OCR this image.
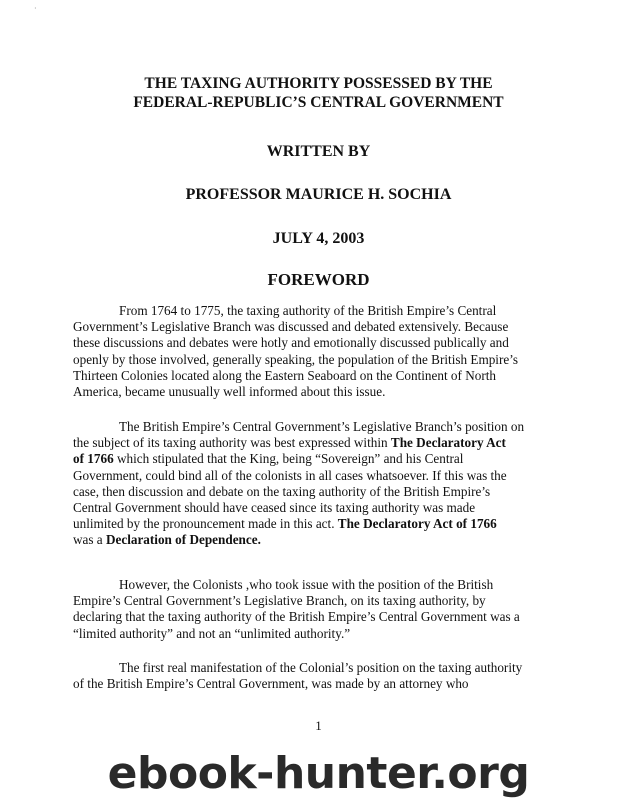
·
THE TAXING AUTHORITY POSSESSED BY THE
FEDERAL-REPUBLIC’S CENTRAL GOVERNMENT
WRITTEN BY
PROFESSOR MAURICE H. SOCHIA
JULY 4, 2003
FOREWORD

From 1764 to 1775, the taxing authority of the British Empire’s Central
Government’s Legislative Branch was discussed and debated extensively. Because
these discussions and debates were hotly and emotionally discussed publically and
openly by those involved, generally speaking, the population of the British Empire’s
Thirteen Colonies located along the Eastern Seaboard on the Continent of North
America, became unusually well informed about this issue.

The British Empire’s Central Government’s Legislative Branch’s position on
the subject of its taxing authority was best expressed within The Declaratory Act
of 1766 which stipulated that the King, being “Sovereign” and his Central
Government, could bind all of the colonists in all cases whatsoever. If this was the
case, then discussion and debate on the taxing authority of the British Empire’s
Central Government should have ceased since its taxing authority was made
unlimited by the pronouncement made in this act. The Declaratory Act of 1766
was a Declaration of Dependence.

However, the Colonists ,who took issue with the position of the British
Empire’s Central Government’s Legislative Branch, on its taxing authority, by
declaring that the taxing authority of the British Empire’s Central Government was a
“limited authority” and not an “unlimited authority.”

The first real manifestation of the Colonial’s position on the taxing authority
of the British Empire’s Central Government, was made by an attorney who

1
ebook-hunter.org
